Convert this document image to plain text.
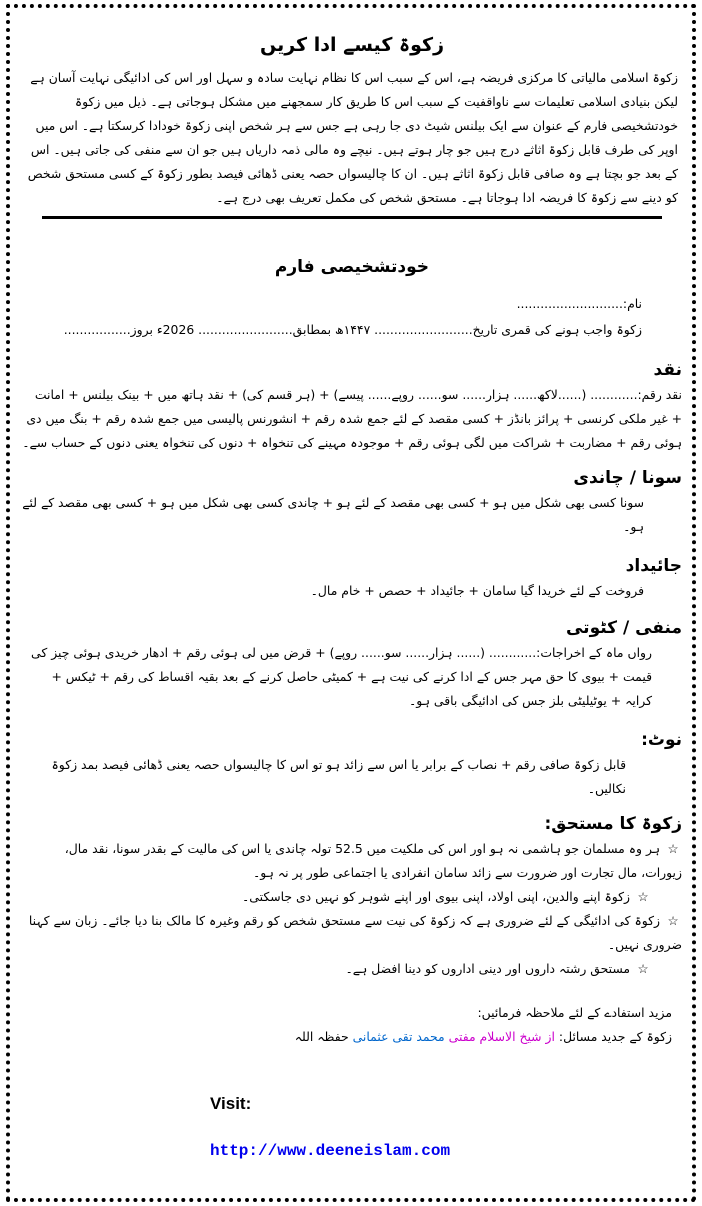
زکوۃ کیسے ادا کریں
زکوۃ اسلامی مالیاتی کا مرکزی فریضہ ہے، اس کے سبب اس کا نظام نہایت سادہ و سہل اور اس کی ادائیگی نہایت آسان ہے لیکن بنیادی اسلامی تعلیمات سے ناواقفیت کے سبب اس کا طریق کار سمجھنے میں مشکل ہوجاتی ہے۔ ذیل میں زکوۃ خودتشخیصی فارم کے عنوان سے ایک بیلنس شیٹ دی جا رہی ہے جس سے ہر شخص اپنی زکوۃ خودادا کرسکتا ہے۔ اس میں اوپر کی طرف قابل زکوۃ اثاثے درج ہیں جو چار ہوتے ہیں۔ نیچے وہ مالی ذمہ داریاں ہیں جو ان سے منفی کی جاتی ہیں۔ اس کے بعد جو بچتا ہے وہ صافی قابل زکوۃ اثاثے ہیں۔ ان کا چالیسواں حصہ یعنی ڈھائی فیصد بطور زکوۃ کے کسی مستحق شخص کو دینے سے زکوۃ کا فریضہ ادا ہوجاتا ہے۔ مستحق شخص کی مکمل تعریف بھی درج ہے۔
خودتشخیصی فارم
نام:...........................
زکوۃ واجب ہونے کی قمری تاریخ......................... ۱۴۴۷ھ بمطابق........................ 2026ء بروز.................
نقد
نقد رقم:............ (......لاکھ...... ہزار...... سو...... روپے...... پیسے) + (ہر قسم کی) + نقد ہاتھ میں + بینک بیلنس + امانت + غیر ملکی کرنسی + پرائز بانڈز + کسی مقصد کے لئے جمع شدہ رقم + انشورنس پالیسی میں جمع شدہ رقم + بنگ میں دی ہوئی رقم + مضاربت + شراکت میں لگی ہوئی رقم + موجودہ مہینے کی تنخواہ + دنوں کی تنخواہ یعنی دنوں کے حساب سے۔
سونا / چاندی
سونا کسی بھی شکل میں ہو + کسی بھی مقصد کے لئے ہو + چاندی کسی بھی شکل میں ہو + کسی بھی مقصد کے لئے ہو۔
جائیداد
فروخت کے لئے خریدا گیا سامان + جائیداد + حصص + خام مال۔
منفی / کٹوتی
رواں ماہ کے اخراجات:............ (...... ہزار...... سو...... روپے) + قرض میں لی ہوئی رقم + ادھار خریدی ہوئی چیز کی قیمت + بیوی کا حق مہر جس کے ادا کرنے کی نیت ہے + کمیٹی حاصل کرنے کے بعد بقیہ اقساط کی رقم + ٹیکس + کرایہ + یوٹیلیٹی بلز جس کی ادائیگی باقی ہو۔
نوٹ:
قابل زکوۃ صافی رقم + نصاب کے برابر یا اس سے زائد ہو تو اس کا چالیسواں حصہ یعنی ڈھائی فیصد بمد زکوۃ نکالیں۔
زکوۃ کا مستحق:
☆ ہر وہ مسلمان جو ہاشمی نہ ہو اور اس کی ملکیت میں 52.5 تولہ چاندی یا اس کی مالیت کے بقدر سونا، نقد مال، زیورات، مال تجارت اور ضرورت سے زائد سامان انفرادی یا اجتماعی طور پر نہ ہو۔
☆ زکوۃ اپنے والدین، اپنی اولاد، اپنی بیوی اور اپنے شوہر کو نہیں دی جاسکتی۔
☆ زکوۃ کی ادائیگی کے لئے ضروری ہے کہ زکوۃ کی نیت سے مستحق شخص کو رقم وغیرہ کا مالک بنا دیا جائے۔ زبان سے کہنا ضروری نہیں۔
☆ مستحق رشتہ داروں اور دینی اداروں کو دینا افضل ہے۔
مزید استفادے کے لئے ملاحظہ فرمائیں:
زکوۃ کے جدید مسائل: از شیخ الاسلام مفتی محمد تقی عثمانی حفظہ اللہ
Visit:
http://www.deeneislam.com
